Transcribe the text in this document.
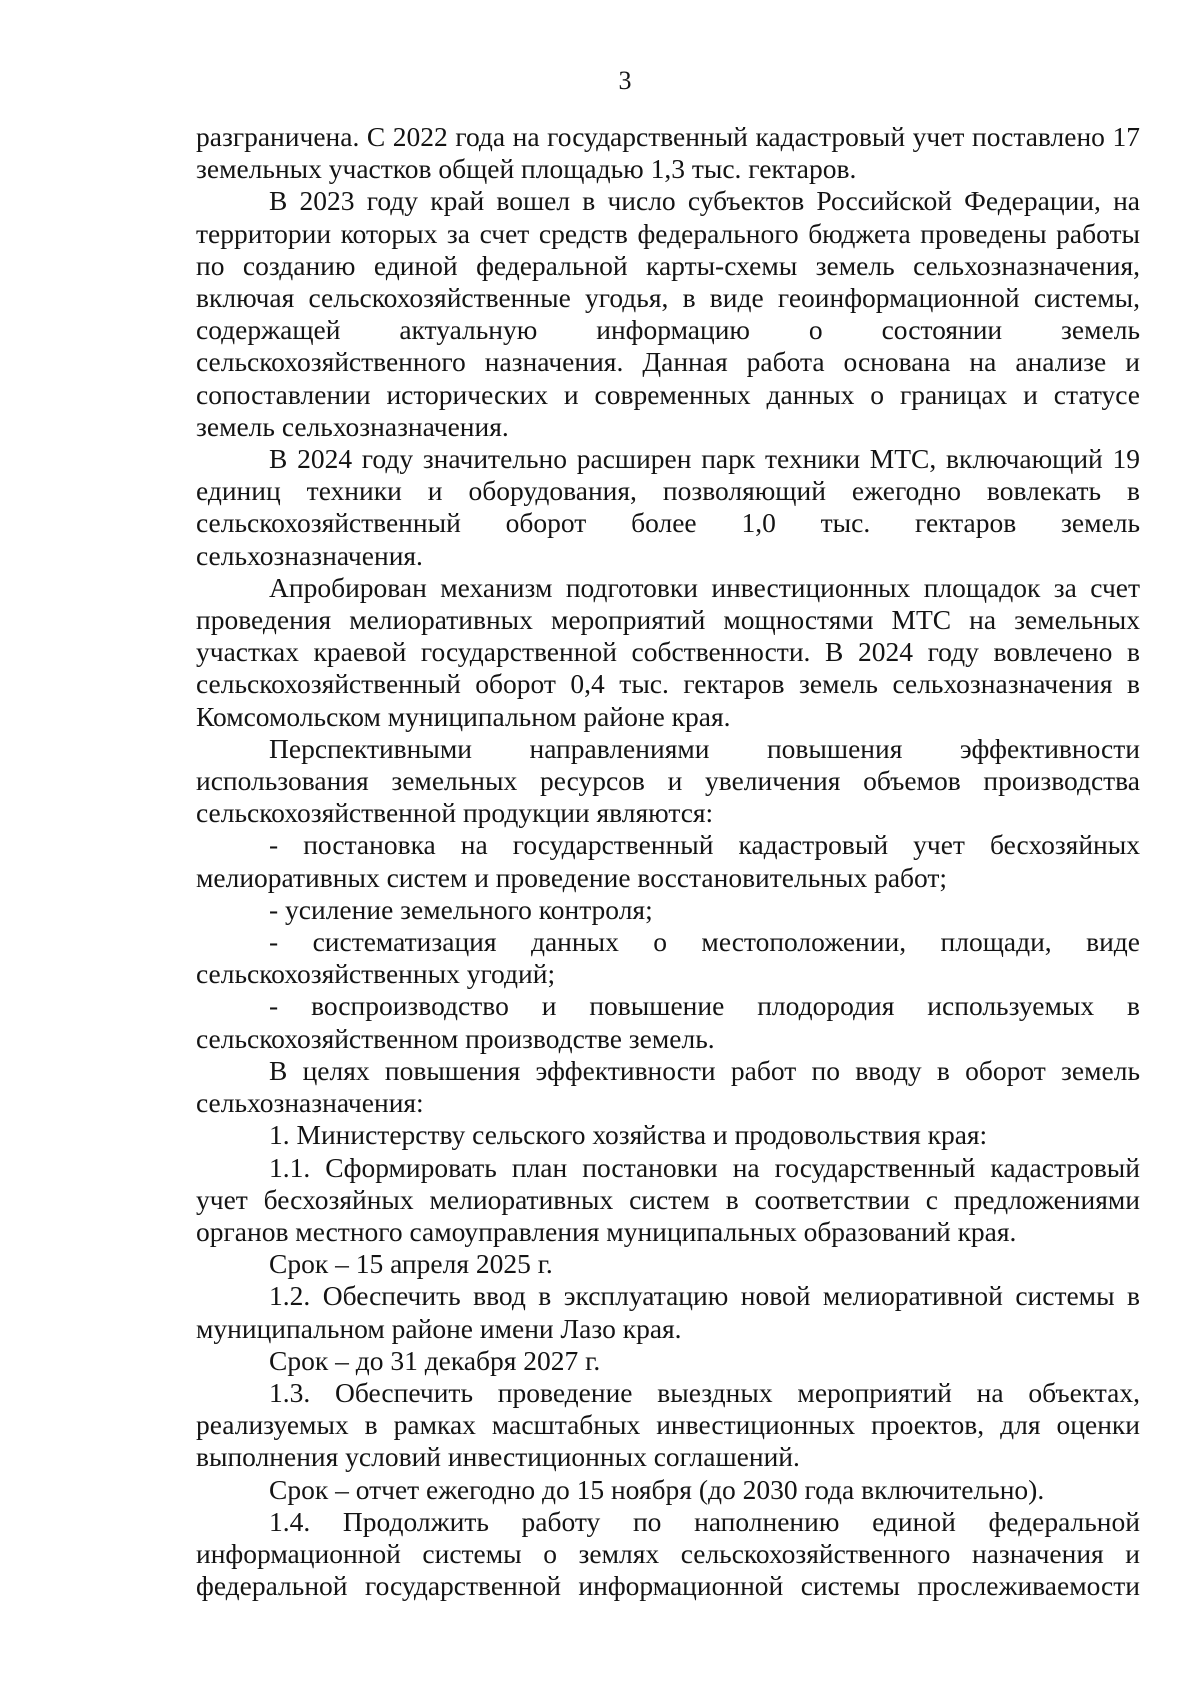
3

разграничена. С 2022 года на государственный кадастровый учет поставлено 17 земельных участков общей площадью 1,3 тыс. гектаров.

В 2023 году край вошел в число субъектов Российской Федерации, на территории которых за счет средств федерального бюджета проведены работы по созданию единой федеральной карты-схемы земель сельхозназначения, включая сельскохозяйственные угодья, в виде геоинформационной системы, содержащей актуальную информацию о состоянии земель сельскохозяйственного назначения. Данная работа основана на анализе и сопоставлении исторических и современных данных о границах и статусе земель сельхозназначения.

В 2024 году значительно расширен парк техники МТС, включающий 19 единиц техники и оборудования, позволяющий ежегодно вовлекать в сельскохозяйственный оборот более 1,0 тыс. гектаров земель сельхозназначения.

Апробирован механизм подготовки инвестиционных площадок за счет проведения мелиоративных мероприятий мощностями МТС на земельных участках краевой государственной собственности. В 2024 году вовлечено в сельскохозяйственный оборот 0,4 тыс. гектаров земель сельхозназначения в Комсомольском муниципальном районе края.

Перспективными направлениями повышения эффективности использования земельных ресурсов и увеличения объемов производства сельскохозяйственной продукции являются:

- постановка на государственный кадастровый учет бесхозяйных мелиоративных систем и проведение восстановительных работ;

- усиление земельного контроля;

- систематизация данных о местоположении, площади, виде сельскохозяйственных угодий;

- воспроизводство и повышение плодородия используемых в сельскохозяйственном производстве земель.

В целях повышения эффективности работ по вводу в оборот земель сельхозназначения:

1. Министерству сельского хозяйства и продовольствия края:

1.1. Сформировать план постановки на государственный кадастровый учет бесхозяйных мелиоративных систем в соответствии с предложениями органов местного самоуправления муниципальных образований края.

Срок – 15 апреля 2025 г.

1.2. Обеспечить ввод в эксплуатацию новой мелиоративной системы в муниципальном районе имени Лазо края.

Срок – до 31 декабря 2027 г.

1.3. Обеспечить проведение выездных мероприятий на объектах, реализуемых в рамках масштабных инвестиционных проектов, для оценки выполнения условий инвестиционных соглашений.

Срок – отчет ежегодно до 15 ноября (до 2030 года включительно).

1.4. Продолжить работу по наполнению единой федеральной информационной системы о землях сельскохозяйственного назначения и федеральной государственной информационной системы прослеживаемости
